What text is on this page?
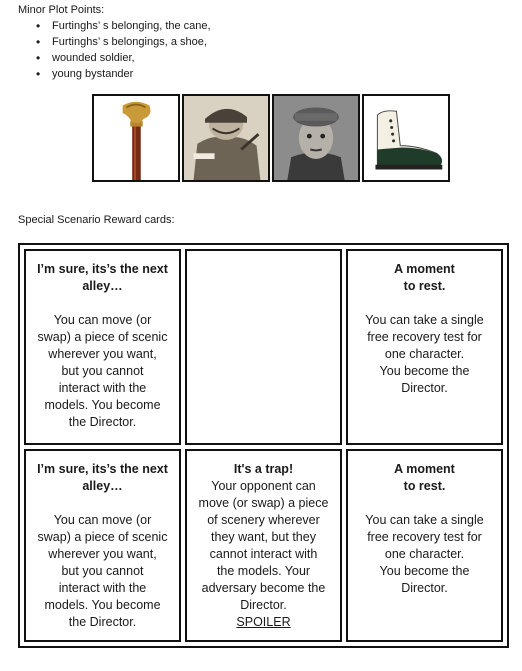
Minor Plot Points:
• Furtinghs’ s belonging, the cane,
• Furtinghs’ s belongings, a shoe,
• wounded soldier,
• young bystander
Special Scenario Reward cards:

I’m sure, its’s the next

alley…

You can move (or

swap) a piece of scenic

wherever you want,

but you cannot

interact with the

models. You become

the Director.

A moment

to rest.

You can take a single

free recovery test for

one character.

You become the

Director.

I’m sure, its’s the next

alley…

You can move (or

swap) a piece of scenic

wherever you want,

but you cannot

interact with the

models. You become

the Director.

It's a trap!

Your opponent can

move (or swap) a piece

of scenery wherever

they want, but they

cannot interact with

the models. Your

adversary become the

Director.

SPOILER

A moment

to rest.

You can take a single

free recovery test for

one character.

You become the

Director.
